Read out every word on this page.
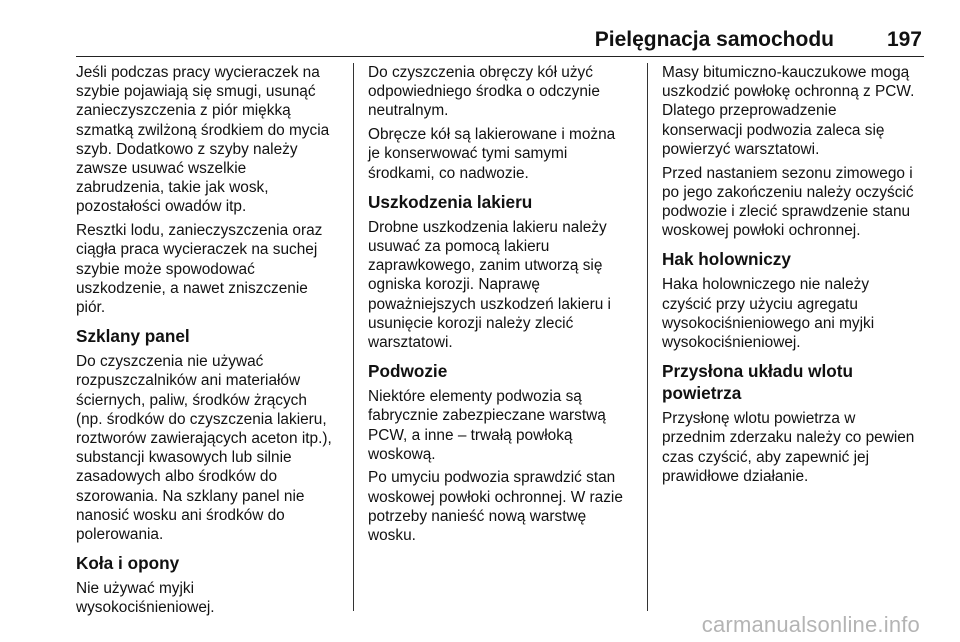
Pielęgnacja samochodu	197

Jeśli podczas pracy wycieraczek na
szybie pojawiają się smugi, usunąć
zanieczyszczenia z piór miękką
szmatką zwilżoną środkiem do mycia
szyb. Dodatkowo z szyby należy
zawsze usuwać wszelkie
zabrudzenia, takie jak wosk,
pozostałości owadów itp.

Resztki lodu, zanieczyszczenia oraz
ciągła praca wycieraczek na suchej
szybie może spowodować
uszkodzenie, a nawet zniszczenie
piór.

Szklany panel

Do czyszczenia nie używać
rozpuszczalników ani materiałów
ściernych, paliw, środków żrących
(np. środków do czyszczenia lakieru,
roztworów zawierających aceton itp.),
substancji kwasowych lub silnie
zasadowych albo środków do
szorowania. Na szklany panel nie
nanosić wosku ani środków do
polerowania.

Koła i opony

Nie używać myjki
wysokociśnieniowej.

Do czyszczenia obręczy kół użyć
odpowiedniego środka o odczynie
neutralnym.

Obręcze kół są lakierowane i można
je konserwować tymi samymi
środkami, co nadwozie.

Uszkodzenia lakieru

Drobne uszkodzenia lakieru należy
usuwać za pomocą lakieru
zaprawkowego, zanim utworzą się
ogniska korozji. Naprawę
poważniejszych uszkodzeń lakieru i
usunięcie korozji należy zlecić
warsztatowi.

Podwozie

Niektóre elementy podwozia są
fabrycznie zabezpieczane warstwą
PCW, a inne – trwałą powłoką
woskową.

Po umyciu podwozia sprawdzić stan
woskowej powłoki ochronnej. W razie
potrzeby nanieść nową warstwę
wosku.

Masy bitumiczno-kauczukowe mogą
uszkodzić powłokę ochronną z PCW.
Dlatego przeprowadzenie
konserwacji podwozia zaleca się
powierzyć warsztatowi.

Przed nastaniem sezonu zimowego i
po jego zakończeniu należy oczyścić
podwozie i zlecić sprawdzenie stanu
woskowej powłoki ochronnej.

Hak holowniczy

Haka holowniczego nie należy
czyścić przy użyciu agregatu
wysokociśnieniowego ani myjki
wysokociśnieniowej.

Przysłona układu wlotu powietrza

Przysłonę wlotu powietrza w
przednim zderzaku należy co pewien
czas czyścić, aby zapewnić jej
prawidłowe działanie.

carmanualsonline.info
